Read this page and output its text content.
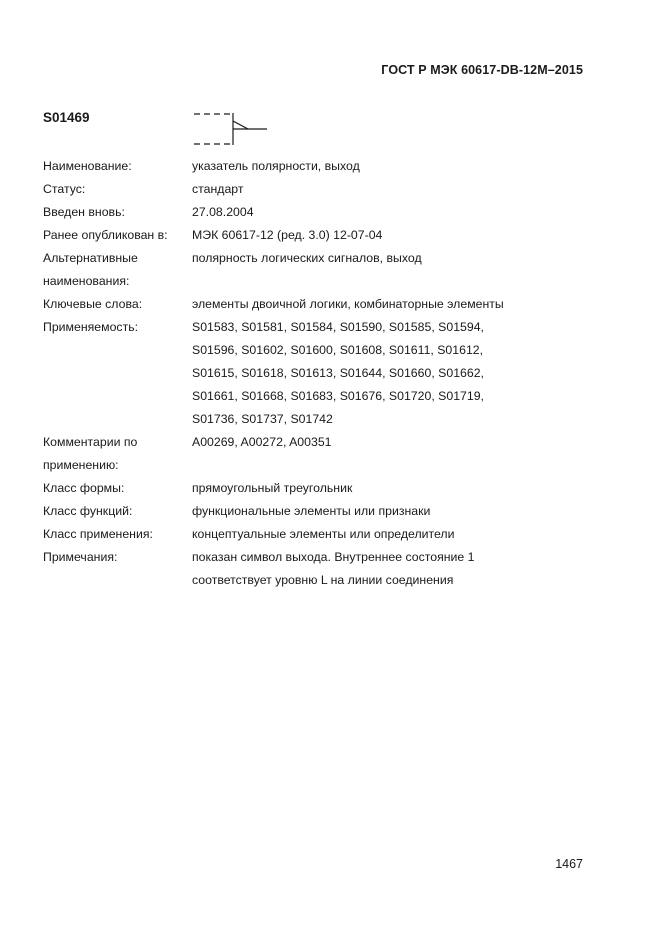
ГОСТ Р МЭК 60617-DB-12M–2015
S01469
Наименование:	указатель полярности, выход
Статус:	стандарт
Введен вновь:	27.08.2004
Ранее опубликован в:	МЭК 60617-12 (ред. 3.0) 12-07-04
Альтернативные
наименования:
полярность логических сигналов, выход
Ключевые слова:	элементы двоичной логики, комбинаторные элементы
Применяемость:	S01583, S01581, S01584, S01590, S01585, S01594,
S01596, S01602, S01600, S01608, S01611, S01612,
S01615, S01618, S01613, S01644, S01660, S01662,
S01661, S01668, S01683, S01676, S01720, S01719,
S01736, S01737, S01742
Комментарии по
применению:
A00269, A00272, A00351
Класс формы:	прямоугольный треугольник
Класс функций:	функциональные элементы или признаки
Класс применения:	концептуальные элементы или определители
Примечания:	показан символ выхода. Внутреннее состояние 1
соответствует уровню L на линии соединения
1467
